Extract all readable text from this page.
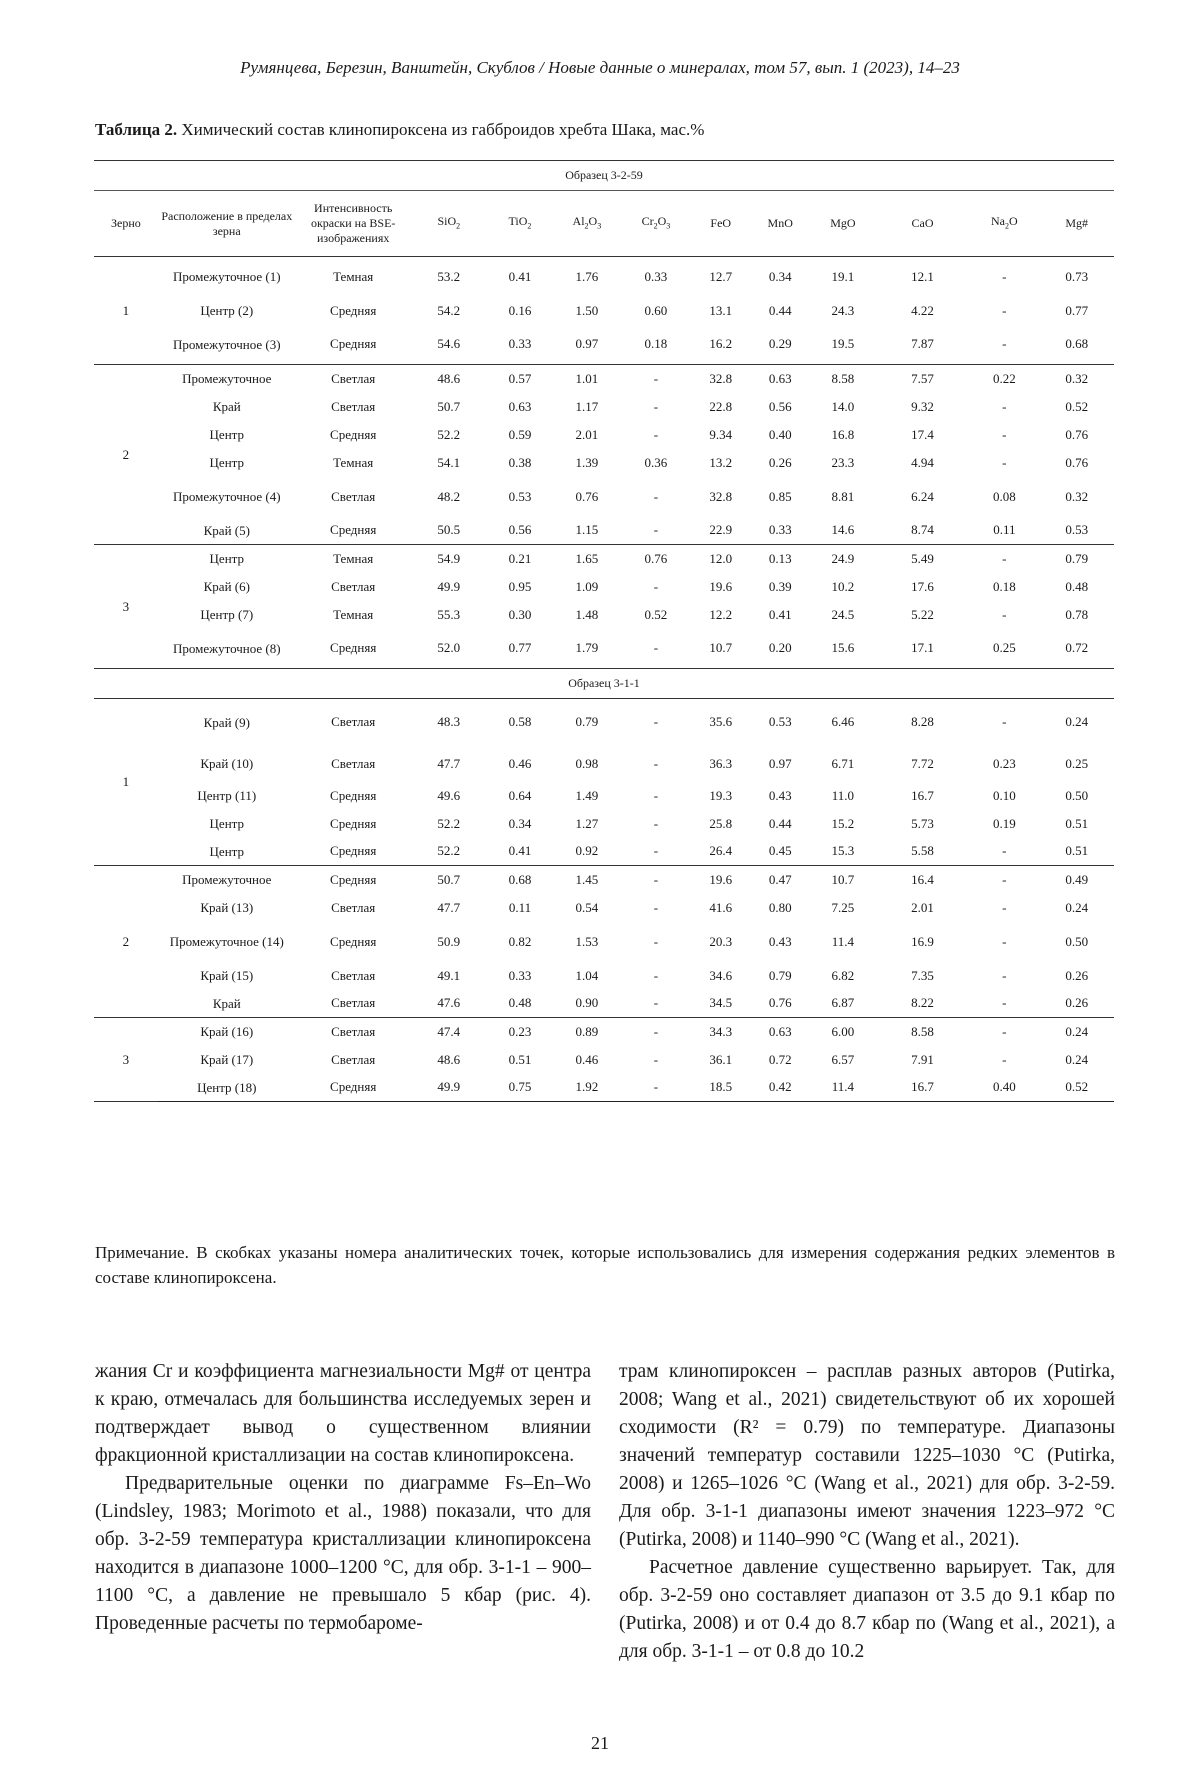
Румянцева, Березин, Ванштейн, Скублов / Новые данные о минералах, том 57, вып. 1 (2023), 14–23
Таблица 2. Химический состав клинопироксена из габброидов хребта Шака, мас.%
Образец 3-2-59												
Зерно	Расположение в пределах зерна	Интенсивность окраски на BSE-изображениях	SiO$_2$	TiO$_2$	$Al_2O_3$	$Cr_2O_3$	FeO	MnO	MgO	CaO	$Na_2O$	Mg#
1	Промежуточное (1)	Темная	53.2	0.41	1.76	0.33	12.7	0.34	19.1	12.1	-	0.73
	Центр (2)	Средняя	54.2	0.16	1.50	0.60	13.1	0.44	24.3	4.22	-	0.77
	Промежуточное (3)	Средняя	54.6	0.33	0.97	0.18	16.2	0.29	19.5	7.87	-	0.68
2	Промежуточное	Светлая	48.6	0.57	1.01	-	32.8	0.63	8.58	7.57	0.22	0.32
	Край	Светлая	50.7	0.63	1.17	-	22.8	0.56	14.0	9.32	-	0.52
	Центр	Средняя	52.2	0.59	2.01	-	9.34	0.40	16.8	17.4	-	0.76
	Центр	Темная	54.1	0.38	1.39	0.36	13.2	0.26	23.3	4.94	-	0.76
	Промежуточное (4)	Светлая	48.2	0.53	0.76	-	32.8	0.85	8.81	6.24	0.08	0.32
	Край (5)	Средняя	50.5	0.56	1.15	-	22.9	0.33	14.6	8.74	0.11	0.53
3	Центр	Темная	54.9	0.21	1.65	0.76	12.0	0.13	24.9	5.49	-	0.79
	Край (6)	Светлая	49.9	0.95	1.09	-	19.6	0.39	10.2	17.6	0.18	0.48
	Центр (7)	Темная	55.3	0.30	1.48	0.52	12.2	0.41	24.5	5.22	-	0.78
	Промежуточное (8)	Средняя	52.0	0.77	1.79	-	10.7	0.20	15.6	17.1	0.25	0.72
Образец 3-1-1												
1	Край (9)	Светлая	48.3	0.58	0.79	-	35.6	0.53	6.46	8.28	-	0.24
	Край (10)	Светлая	47.7	0.46	0.98	-	36.3	0.97	6.71	7.72	0.23	0.25
	Центр (11)	Средняя	49.6	0.64	1.49	-	19.3	0.43	11.0	16.7	0.10	0.50
	Центр	Средняя	52.2	0.34	1.27	-	25.8	0.44	15.2	5.73	0.19	0.51
	Центр	Средняя	52.2	0.41	0.92	-	26.4	0.45	15.3	5.58	-	0.51
2	Промежуточное	Средняя	50.7	0.68	1.45	-	19.6	0.47	10.7	16.4	-	0.49
	Край (13)	Светлая	47.7	0.11	0.54	-	41.6	0.80	7.25	2.01	-	0.24
	Промежуточное (14)	Средняя	50.9	0.82	1.53	-	20.3	0.43	11.4	16.9	-	0.50
	Край (15)	Светлая	49.1	0.33	1.04	-	34.6	0.79	6.82	7.35	-	0.26
	Край	Светлая	47.6	0.48	0.90	-	34.5	0.76	6.87	8.22	-	0.26
3	Край (16)	Светлая	47.4	0.23	0.89	-	34.3	0.63	6.00	8.58	-	0.24
	Край (17)	Светлая	48.6	0.51	0.46	-	36.1	0.72	6.57	7.91	-	0.24
	Центр (18)	Средняя	49.9	0.75	1.92	-	18.5	0.42	11.4	16.7	0.40	0.52
Примечание. В скобках указаны номера аналитических точек, которые использовались для измерения содержания редких элементов в составе клинопироксена.

жания Cr и коэффициента магнезиальности Mg# от центра к краю, отмечалась для большинства исследуемых зерен и подтверждает вывод о существенном влиянии фракционной кристаллизации на состав клинопироксена.

Предварительные оценки по диаграмме Fs–En–Wo (Lindsley, 1983; Morimoto et al., 1988) показали, что для обр. 3-2-59 температура кристаллизации клинопироксена находится в диапазоне 1000–1200 °С, для обр. 3-1-1 – 900–1100 °С, а давление не превышало 5 кбар (рис. 4). Проведенные расчеты по термобароме-

трам клинопироксен – расплав разных авторов (Putirka, 2008; Wang et al., 2021) свидетельствуют об их хорошей сходимости (R² = 0.79) по температуре. Диапазоны значений температур составили 1225–1030 °С (Putirka, 2008) и 1265–1026 °С (Wang et al., 2021) для обр. 3-2-59. Для обр. 3-1-1 диапазоны имеют значения 1223–972 °С (Putirka, 2008) и 1140–990 °С (Wang et al., 2021).

Расчетное давление существенно варьирует. Так, для обр. 3-2-59 оно составляет диапазон от 3.5 до 9.1 кбар по (Putirka, 2008) и от 0.4 до 8.7 кбар по (Wang et al., 2021), а для обр. 3-1-1 – от 0.8 до 10.2

21
